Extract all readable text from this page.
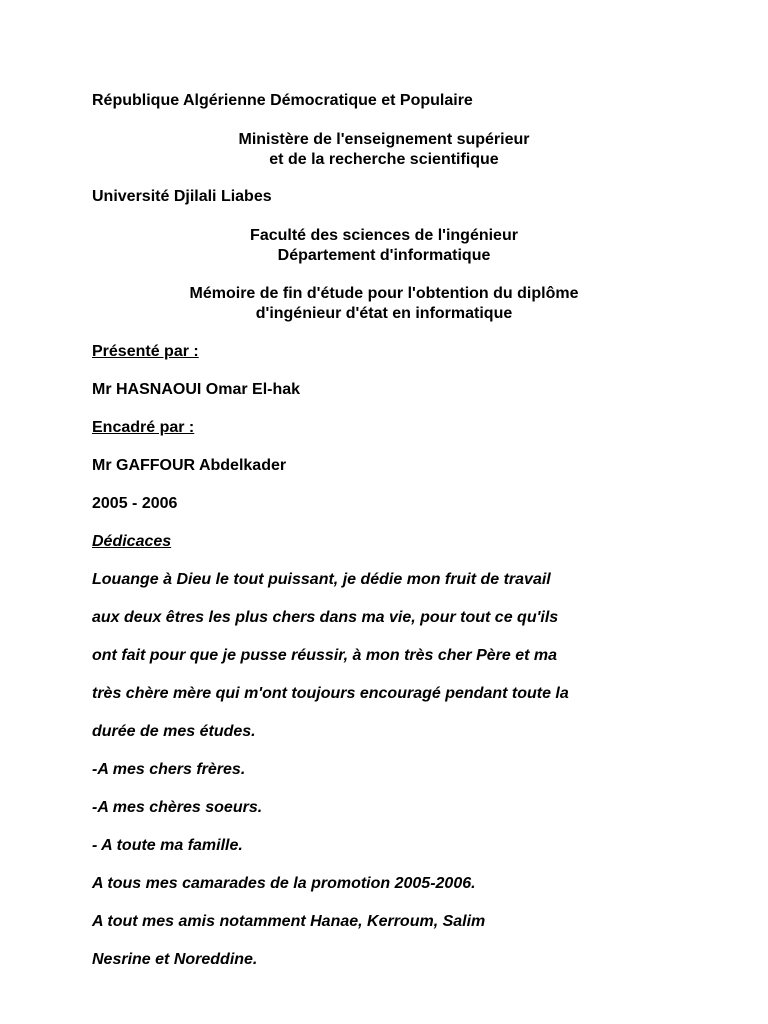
République Algérienne Démocratique et Populaire
Ministère de l'enseignement supérieur
et de la recherche scientifique
Université Djilali Liabes
Faculté des sciences de l'ingénieur
Département d'informatique
Mémoire de fin d'étude pour l'obtention du diplôme
d'ingénieur d'état en informatique
Présenté par :
Mr HASNAOUI Omar El-hak
Encadré par :
Mr GAFFOUR Abdelkader
2005 - 2006
Dédicaces
Louange à Dieu le tout puissant, je dédie mon fruit de travail
aux deux êtres les plus chers dans ma vie, pour tout ce qu'ils
ont fait pour que je pusse réussir, à mon très cher Père et ma
très chère mère qui m'ont toujours encouragé pendant toute la
durée de mes études.
-A mes chers frères.
-A mes chères soeurs.
- A toute ma famille.
A tous mes camarades de la promotion 2005-2006.
A tout mes amis notamment Hanae, Kerroum, Salim
Nesrine et Noreddine.
